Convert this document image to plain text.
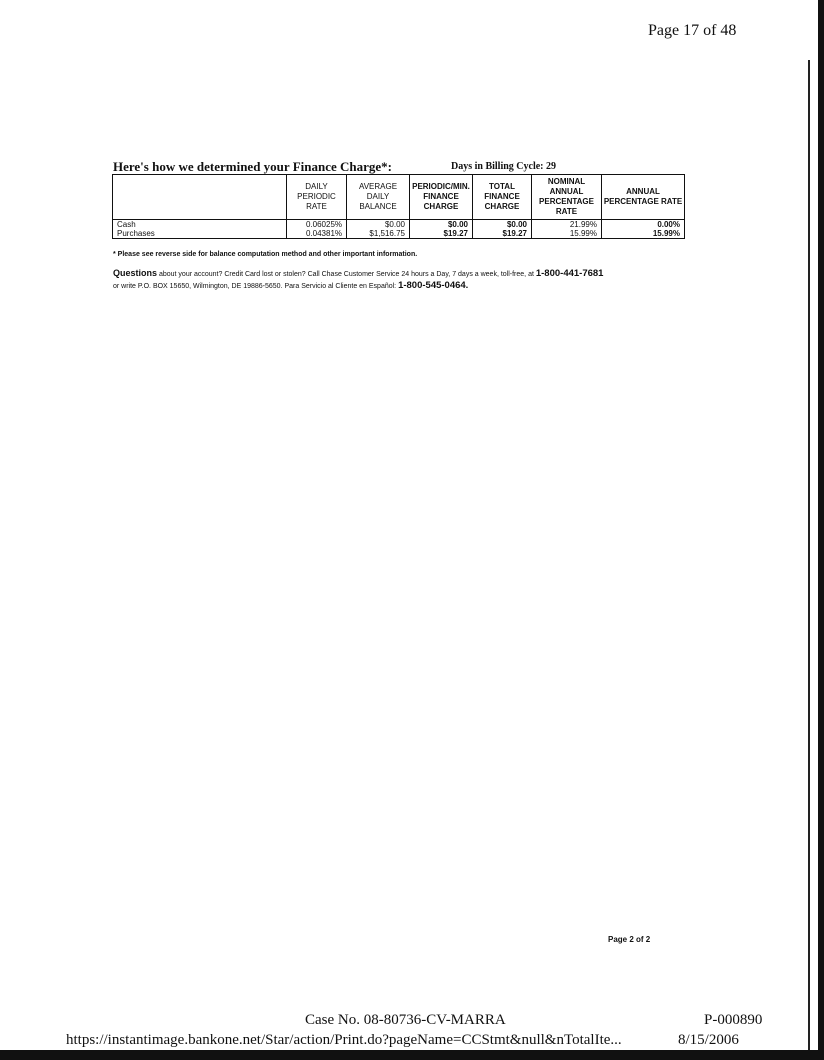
Page 17 of 48
Here's how we determined your Finance Charge*:	Days in Billing Cycle: 29
	DAILY PERIODIC RATE	AVERAGE DAILY BALANCE	PERIODIC/MIN. FINANCE CHARGE	TOTAL FINANCE CHARGE	NOMINAL ANNUAL PERCENTAGE RATE	ANNUAL PERCENTAGE RATE
Cash	0.06025%	$0.00	$0.00	$0.00	21.99%	0.00%
Purchases	0.04381%	$1,516.75	$19.27	$19.27	15.99%	15.99%
* Please see reverse side for balance computation method and other important information.
Questions about your account? Credit Card lost or stolen? Call Chase Customer Service 24 hours a Day, 7 days a week, toll-free, at 1-800-441-7681
or write P.O. BOX 15650, Wilmington, DE 19886-5650. Para Servicio al Cliente en Español: 1-800-545-0464.
Page 2 of 2
Case No. 08-80736-CV-MARRA	P-000890
https://instantimage.bankone.net/Star/action/Print.do?pageName=CCStmt&null&nTotalIte...	8/15/2006
